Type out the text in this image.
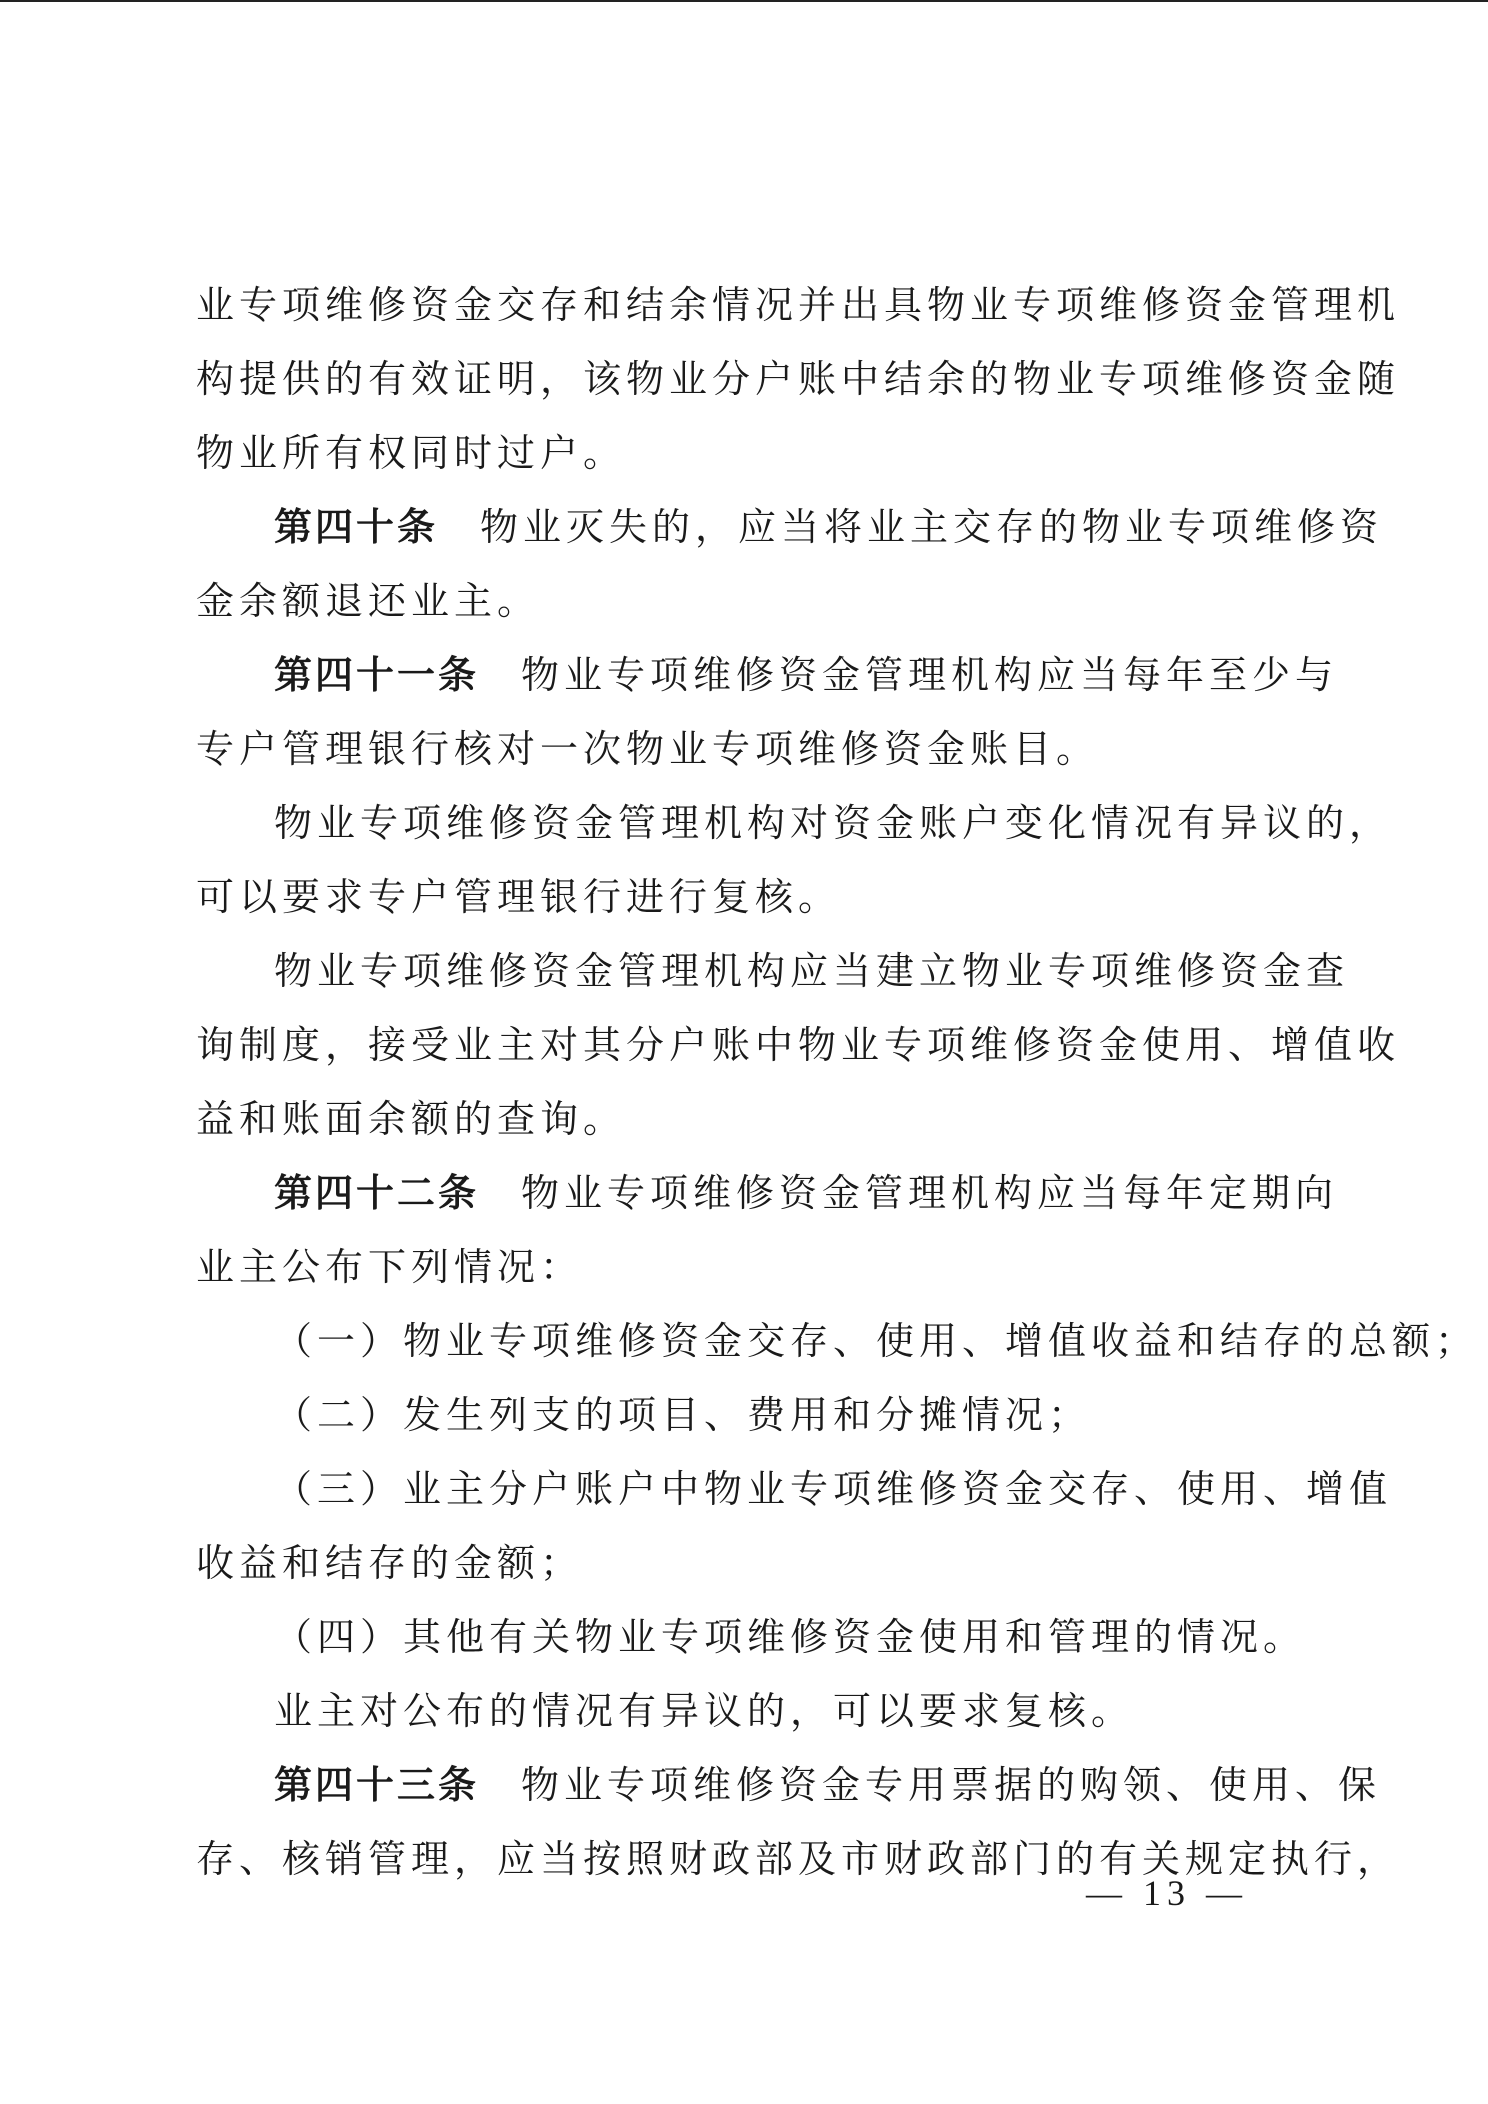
业专项维修资金交存和结余情况并出具物业专项维修资金管理机
构提供的有效证明，该物业分户账中结余的物业专项维修资金随
物业所有权同时过户。
第四十条 物业灭失的，应当将业主交存的物业专项维修资
金余额退还业主。
第四十一条 物业专项维修资金管理机构应当每年至少与
专户管理银行核对一次物业专项维修资金账目。
物业专项维修资金管理机构对资金账户变化情况有异议的，
可以要求专户管理银行进行复核。
物业专项维修资金管理机构应当建立物业专项维修资金查
询制度，接受业主对其分户账中物业专项维修资金使用、增值收
益和账面余额的查询。
第四十二条 物业专项维修资金管理机构应当每年定期向
业主公布下列情况：
（一）物业专项维修资金交存、使用、增值收益和结存的总额；
（二）发生列支的项目、费用和分摊情况；
（三）业主分户账户中物业专项维修资金交存、使用、增值
收益和结存的金额；
（四）其他有关物业专项维修资金使用和管理的情况。
业主对公布的情况有异议的，可以要求复核。
第四十三条 物业专项维修资金专用票据的购领、使用、保
存、核销管理，应当按照财政部及市财政部门的有关规定执行，
— 13 —
